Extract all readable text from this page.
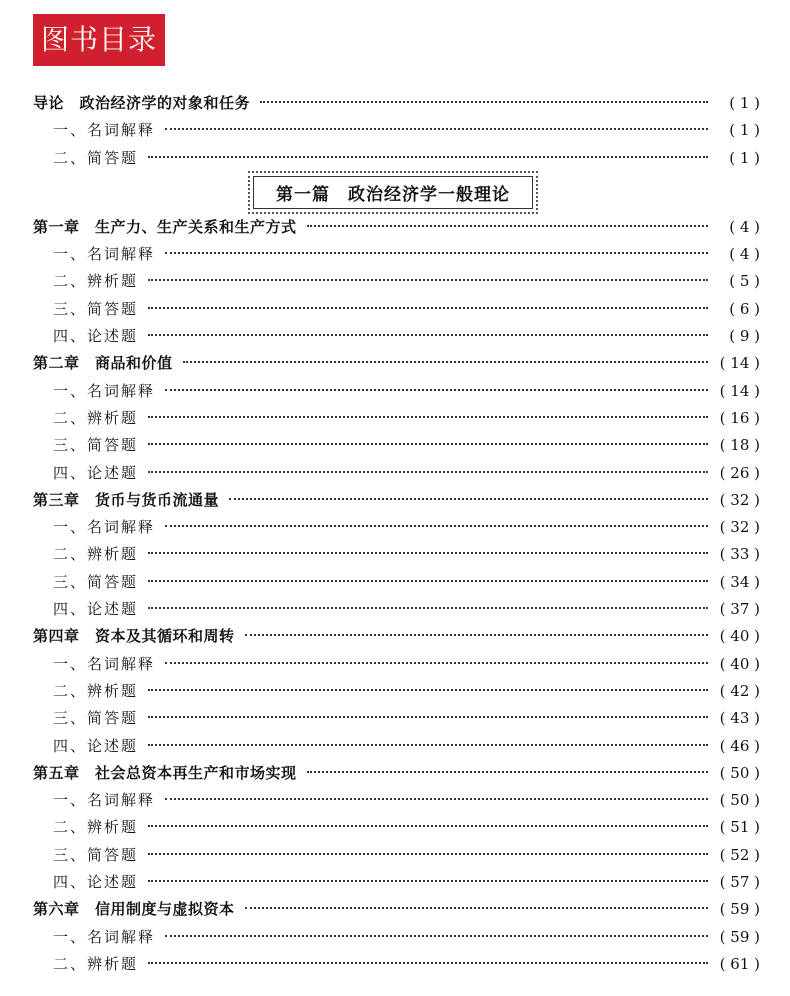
图书目录
导论　政治经济学的对象和任务	( 1 )
一、名词解释	( 1 )
二、简答题	( 1 )
第一篇　政治经济学一般理论
第一章　生产力、生产关系和生产方式	( 4 )
一、名词解释	( 4 )
二、辨析题	( 5 )
三、简答题	( 6 )
四、论述题	( 9 )
第二章　商品和价值	( 14 )
一、名词解释	( 14 )
二、辨析题	( 16 )
三、简答题	( 18 )
四、论述题	( 26 )
第三章　货币与货币流通量	( 32 )
一、名词解释	( 32 )
二、辨析题	( 33 )
三、简答题	( 34 )
四、论述题	( 37 )
第四章　资本及其循环和周转	( 40 )
一、名词解释	( 40 )
二、辨析题	( 42 )
三、简答题	( 43 )
四、论述题	( 46 )
第五章　社会总资本再生产和市场实现	( 50 )
一、名词解释	( 50 )
二、辨析题	( 51 )
三、简答题	( 52 )
四、论述题	( 57 )
第六章　信用制度与虚拟资本	( 59 )
一、名词解释	( 59 )
二、辨析题	( 61 )
